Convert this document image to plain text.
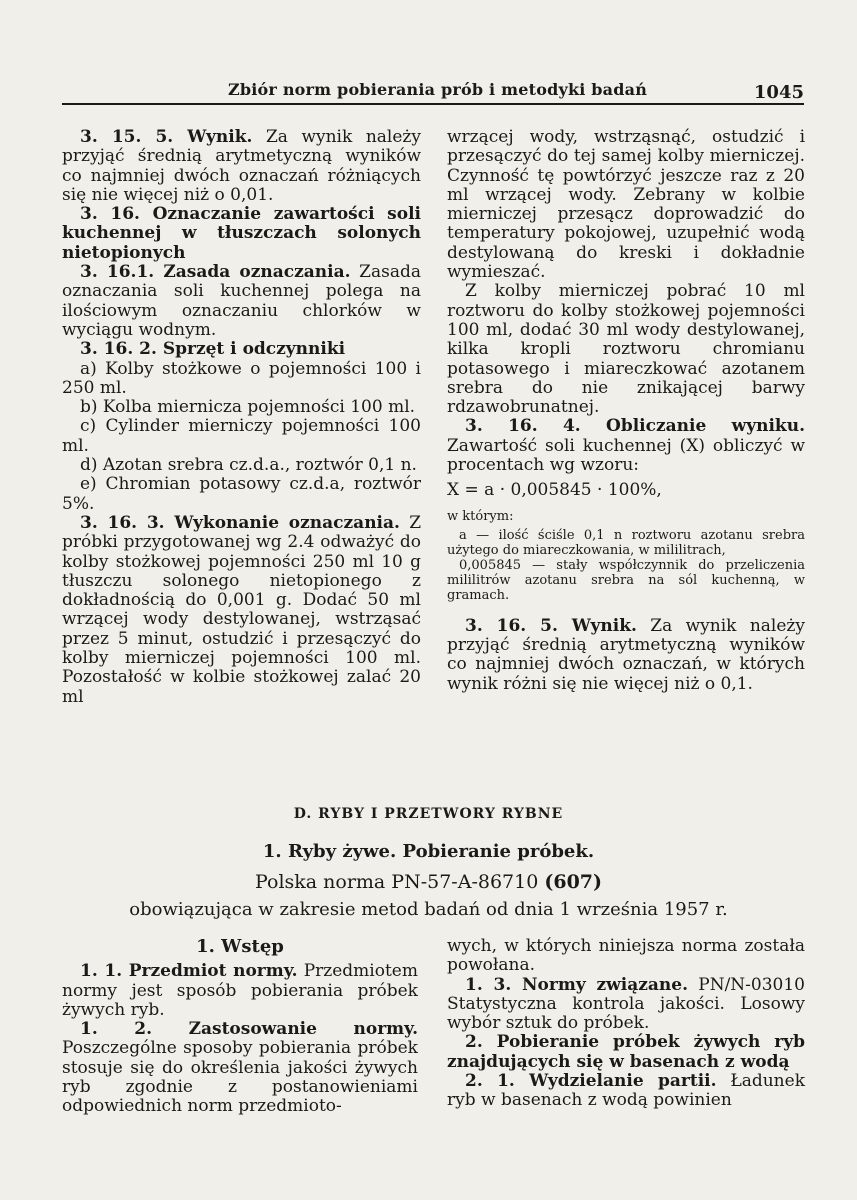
Zbiór norm pobierania prób i metodyki badań	1045

3. 15. 5. Wynik. Za wynik należy przyjąć średnią arytmetyczną wyników co najmniej dwóch oznaczań różniących się nie więcej niż o 0,01.

3. 16. Oznaczanie zawartości soli kuchennej w tłuszczach solonych nietopionych

3. 16.1. Zasada oznaczania. Zasada oznaczania soli kuchennej polega na ilościowym oznaczaniu chlorków w wyciągu wodnym.

3. 16. 2. Sprzęt i odczynniki

a) Kolby stożkowe o pojemności 100 i 250 ml.

b) Kolba miernicza pojemności 100 ml.

c) Cylinder mierniczy pojemności 100 ml.

d) Azotan srebra cz.d.a., roztwór 0,1 n.

e) Chromian potasowy cz.d.a, roztwór 5%.

3. 16. 3. Wykonanie oznaczania. Z próbki przygotowanej wg 2.4 odważyć do kolby stożkowej pojemności 250 ml 10 g tłuszczu solonego nietopionego z dokładnością do 0,001 g. Dodać 50 ml wrzącej wody destylowanej, wstrząsać przez 5 minut, ostudzić i przesączyć do kolby mierniczej pojemności 100 ml. Pozostałość w kolbie stożkowej zalać 20 ml

wrzącej wody, wstrząsnąć, ostudzić i przesączyć do tej samej kolby mierniczej. Czynność tę powtórzyć jeszcze raz z 20 ml wrzącej wody. Zebrany w kolbie mierniczej przesącz doprowadzić do temperatury pokojowej, uzupełnić wodą destylowaną do kreski i dokładnie wymieszać.

Z kolby mierniczej pobrać 10 ml roztworu do kolby stożkowej pojemności 100 ml, dodać 30 ml wody destylowanej, kilka kropli roztworu chromianu potasowego i miareczkować azotanem srebra do nie znikającej barwy rdzawobrunatnej.

3. 16. 4. Obliczanie wyniku. Zawartość soli kuchennej (X) obliczyć w procentach wg wzoru:

X = a · 0,005845 · 100%,

w którym:

a — ilość ściśle 0,1 n roztworu azotanu srebra użytego do miareczkowania, w mililitrach,

0,005845 — stały współczynnik do przeliczenia mililitrów azotanu srebra na sól kuchenną, w gramach.

3. 16. 5. Wynik. Za wynik należy przyjąć średnią arytmetyczną wyników co najmniej dwóch oznaczań, w których wynik różni się nie więcej niż o 0,1.

D. RYBY I PRZETWORY RYBNE
1. Ryby żywe. Pobieranie próbek.
Polska norma PN-57-A-86710 (607)
obowiązująca w zakresie metod badań od dnia 1 września 1957 r.

1. Wstęp

1. 1. Przedmiot normy. Przedmiotem normy jest sposób pobierania próbek żywych ryb.

1. 2. Zastosowanie normy. Poszczególne sposoby pobierania próbek stosuje się do określenia jakości żywych ryb zgodnie z postanowieniami odpowiednich norm przedmioto-

wych, w których niniejsza norma została powołana.

1. 3. Normy związane. PN/N-03010 Statystyczna kontrola jakości. Losowy wybór sztuk do próbek.

2. Pobieranie próbek żywych ryb znajdujących się w basenach z wodą

2. 1. Wydzielanie partii. Ładunek ryb w basenach z wodą powinien
